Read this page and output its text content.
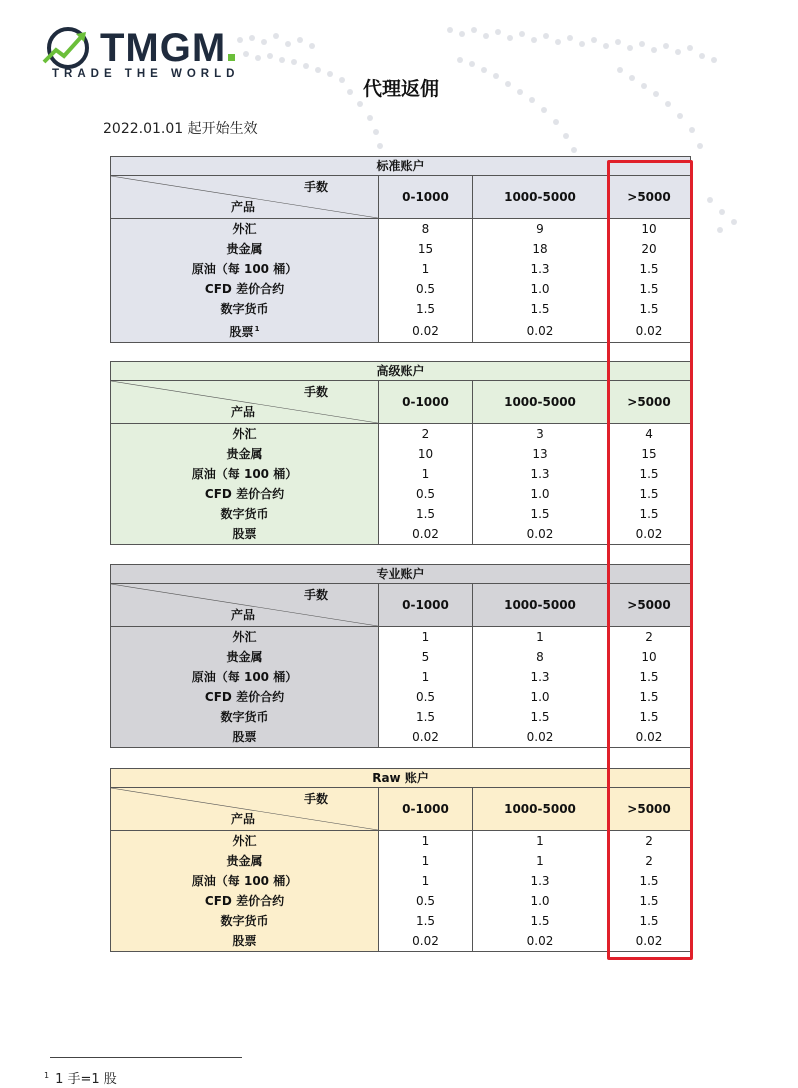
TMGM
TRADE THE WORLD
代理返佣
2022.01.01 起开始生效
标准账户			

手数
产品	0-1000	1000-5000	>5000
外汇	8	9	10
贵金属	15	18	20
原油（每 100 桶）	1	1.3	1.5
CFD 差价合约	0.5	1.0	1.5
数字货币	1.5	1.5	1.5
股票$^1$	0.02	0.02	0.02
高级账户			

手数
产品	0-1000	1000-5000	>5000
外汇	2	3	4
贵金属	10	13	15
原油（每 100 桶）	1	1.3	1.5
CFD 差价合约	0.5	1.0	1.5
数字货币	1.5	1.5	1.5
股票	0.02	0.02	0.02
专业账户			

手数
产品	0-1000	1000-5000	>5000
外汇	1	1	2
贵金属	5	8	10
原油（每 100 桶）	1	1.3	1.5
CFD 差价合约	0.5	1.0	1.5
数字货币	1.5	1.5	1.5
股票	0.02	0.02	0.02
Raw 账户			

手数
产品	0-1000	1000-5000	>5000
外汇	1	1	2
贵金属	1	1	2
原油（每 100 桶）	1	1.3	1.5
CFD 差价合约	0.5	1.0	1.5
数字货币	1.5	1.5	1.5
股票	0.02	0.02	0.02
$^1$ 1 手=1 股
